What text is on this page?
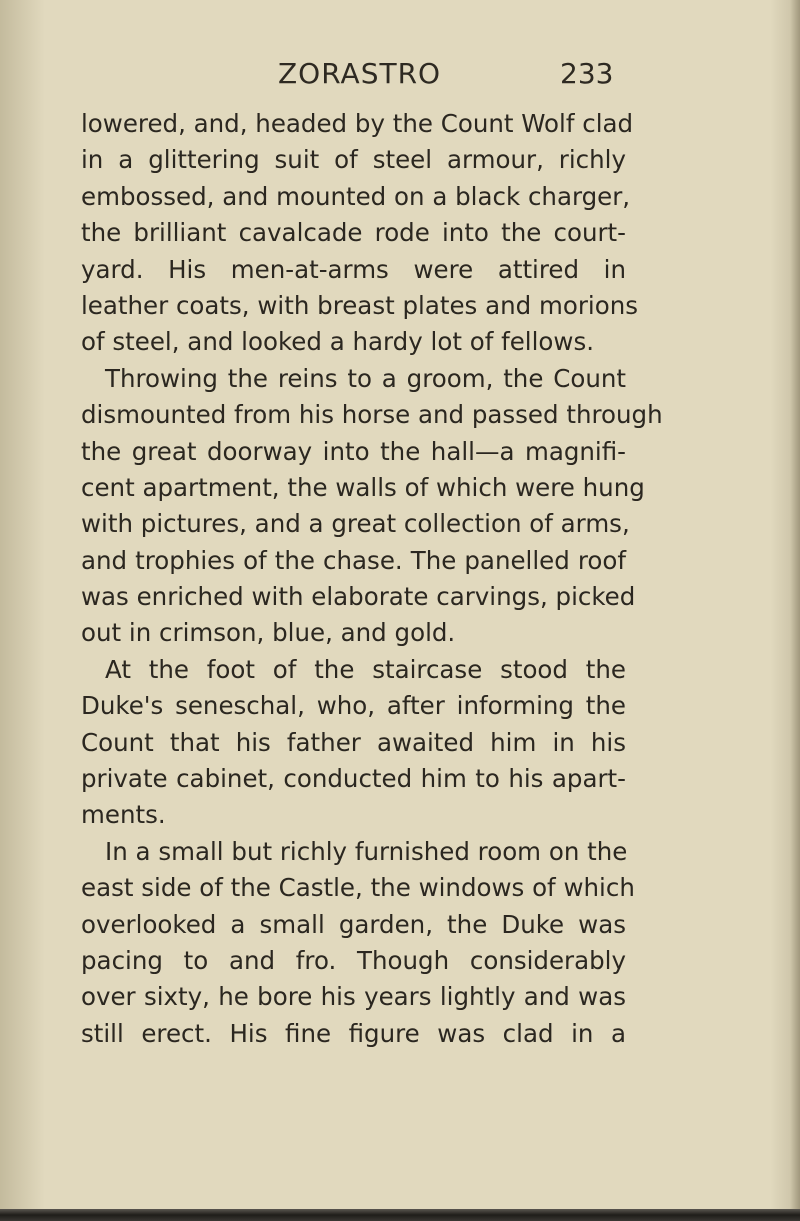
ZORASTRO	233
lowered, and, headed by the Count Wolf clad
in a glittering suit of steel armour, richly
embossed, and mounted on a black charger,
the brilliant cavalcade rode into the court-
yard. His men-at-arms were attired in
leather coats, with breast plates and morions
of steel, and looked a hardy lot of fellows.
Throwing the reins to a groom, the Count
dismounted from his horse and passed through
the great doorway into the hall—a magnifi-
cent apartment, the walls of which were hung
with pictures, and a great collection of arms,
and trophies of the chase. The panelled roof
was enriched with elaborate carvings, picked
out in crimson, blue, and gold.
At the foot of the staircase stood the
Duke's seneschal, who, after informing the
Count that his father awaited him in his
private cabinet, conducted him to his apart-
ments.
In a small but richly furnished room on the
east side of the Castle, the windows of which
overlooked a small garden, the Duke was
pacing to and fro. Though considerably
over sixty, he bore his years lightly and was
still erect. His fine figure was clad in a
